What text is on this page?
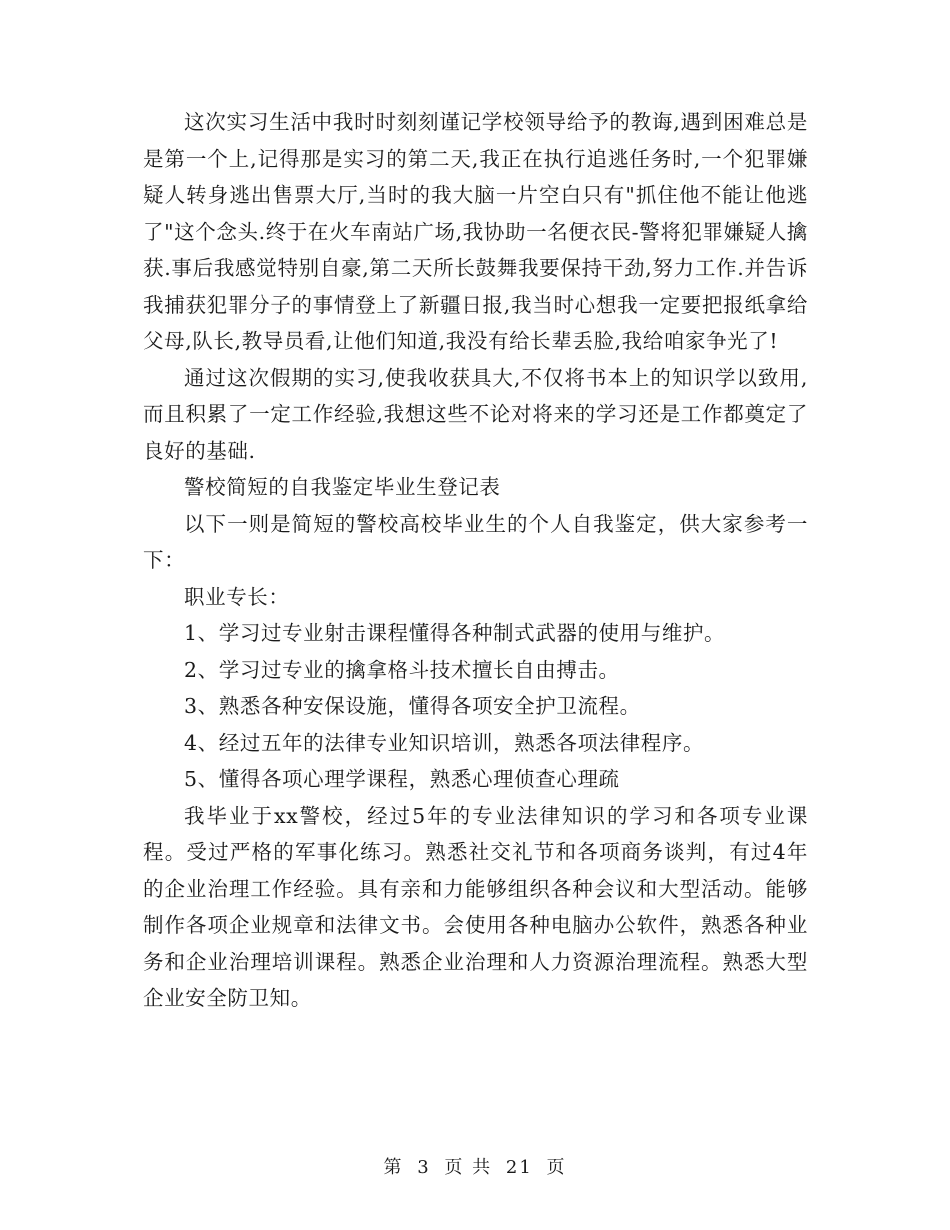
这次实习生活中我时时刻刻谨记学校领导给予的教诲,遇到困难总是是第一个上,记得那是实习的第二天,我正在执行追逃任务时,一个犯罪嫌疑人转身逃出售票大厅,当时的我大脑一片空白只有"抓住他不能让他逃了"这个念头.终于在火车南站广场,我协助一名便衣民-警将犯罪嫌疑人擒获.事后我感觉特别自豪,第二天所长鼓舞我要保持干劲,努力工作.并告诉我捕获犯罪分子的事情登上了新疆日报,我当时心想我一定要把报纸拿给父母,队长,教导员看,让他们知道,我没有给长辈丢脸,我给咱家争光了!

通过这次假期的实习,使我收获具大,不仅将书本上的知识学以致用,而且积累了一定工作经验,我想这些不论对将来的学习还是工作都奠定了良好的基础.

警校简短的自我鉴定毕业生登记表

以下一则是简短的警校高校毕业生的个人自我鉴定，供大家参考一下：

职业专长：

1、学习过专业射击课程懂得各种制式武器的使用与维护。

2、学习过专业的擒拿格斗技术擅长自由搏击。

3、熟悉各种安保设施，懂得各项安全护卫流程。

4、经过五年的法律专业知识培训，熟悉各项法律程序。

5、懂得各项心理学课程，熟悉心理侦查心理疏

我毕业于xx警校，经过5年的专业法律知识的学习和各项专业课程。受过严格的军事化练习。熟悉社交礼节和各项商务谈判，有过4年的企业治理工作经验。具有亲和力能够组织各种会议和大型活动。能够制作各项企业规章和法律文书。会使用各种电脑办公软件，熟悉各种业务和企业治理培训课程。熟悉企业治理和人力资源治理流程。熟悉大型企业安全防卫知。

第 3 页 共 21 页
